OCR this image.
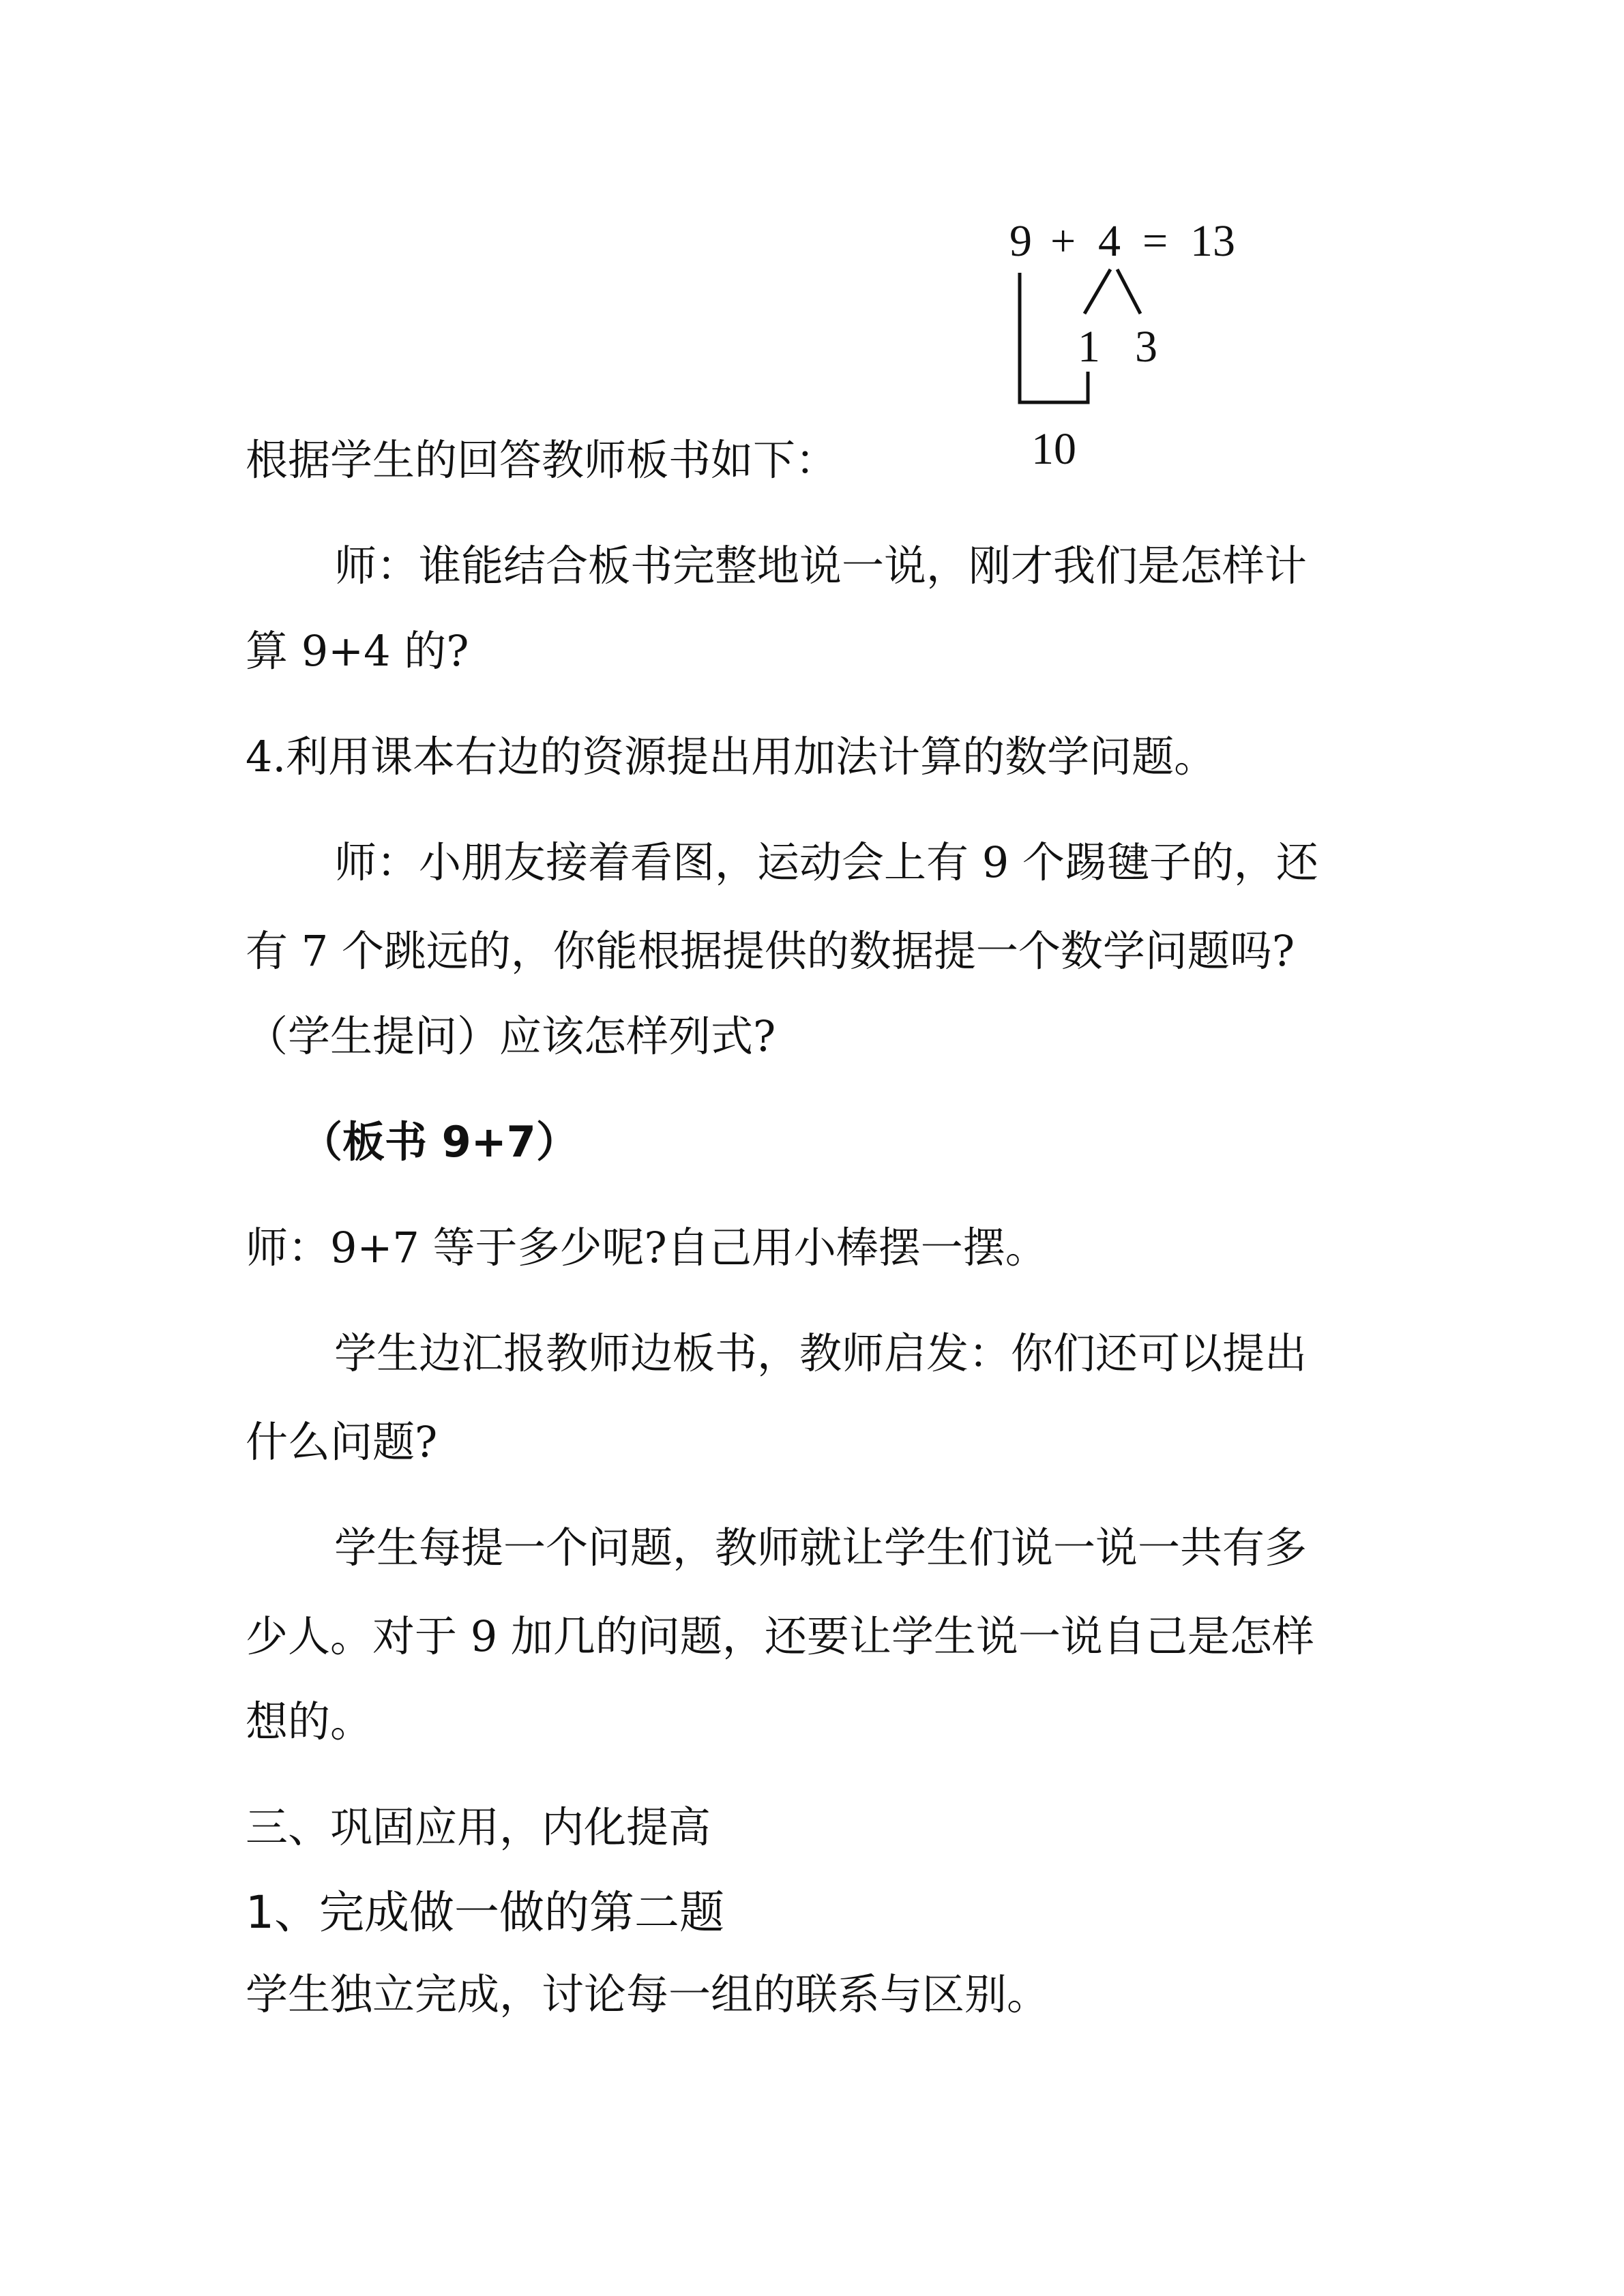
9 + 4 = 13
1 3
10
根据学生的回答教师板书如下：
师：谁能结合板书完整地说一说，刚才我们是怎样计
算 9+4 的?
4.利用课本右边的资源提出用加法计算的数学问题。
师：小朋友接着看图，运动会上有 9 个踢毽子的，还
有 7 个跳远的，你能根据提供的数据提一个数学问题吗?
（学生提问）应该怎样列式?
（板书 9+7）
师：9+7 等于多少呢?自己用小棒摆一摆。
学生边汇报教师边板书，教师启发：你们还可以提出
什么问题?
学生每提一个问题，教师就让学生们说一说一共有多
少人。对于 9 加几的问题，还要让学生说一说自己是怎样
想的。
三、巩固应用，内化提高
1、完成做一做的第二题
学生独立完成，讨论每一组的联系与区别。
